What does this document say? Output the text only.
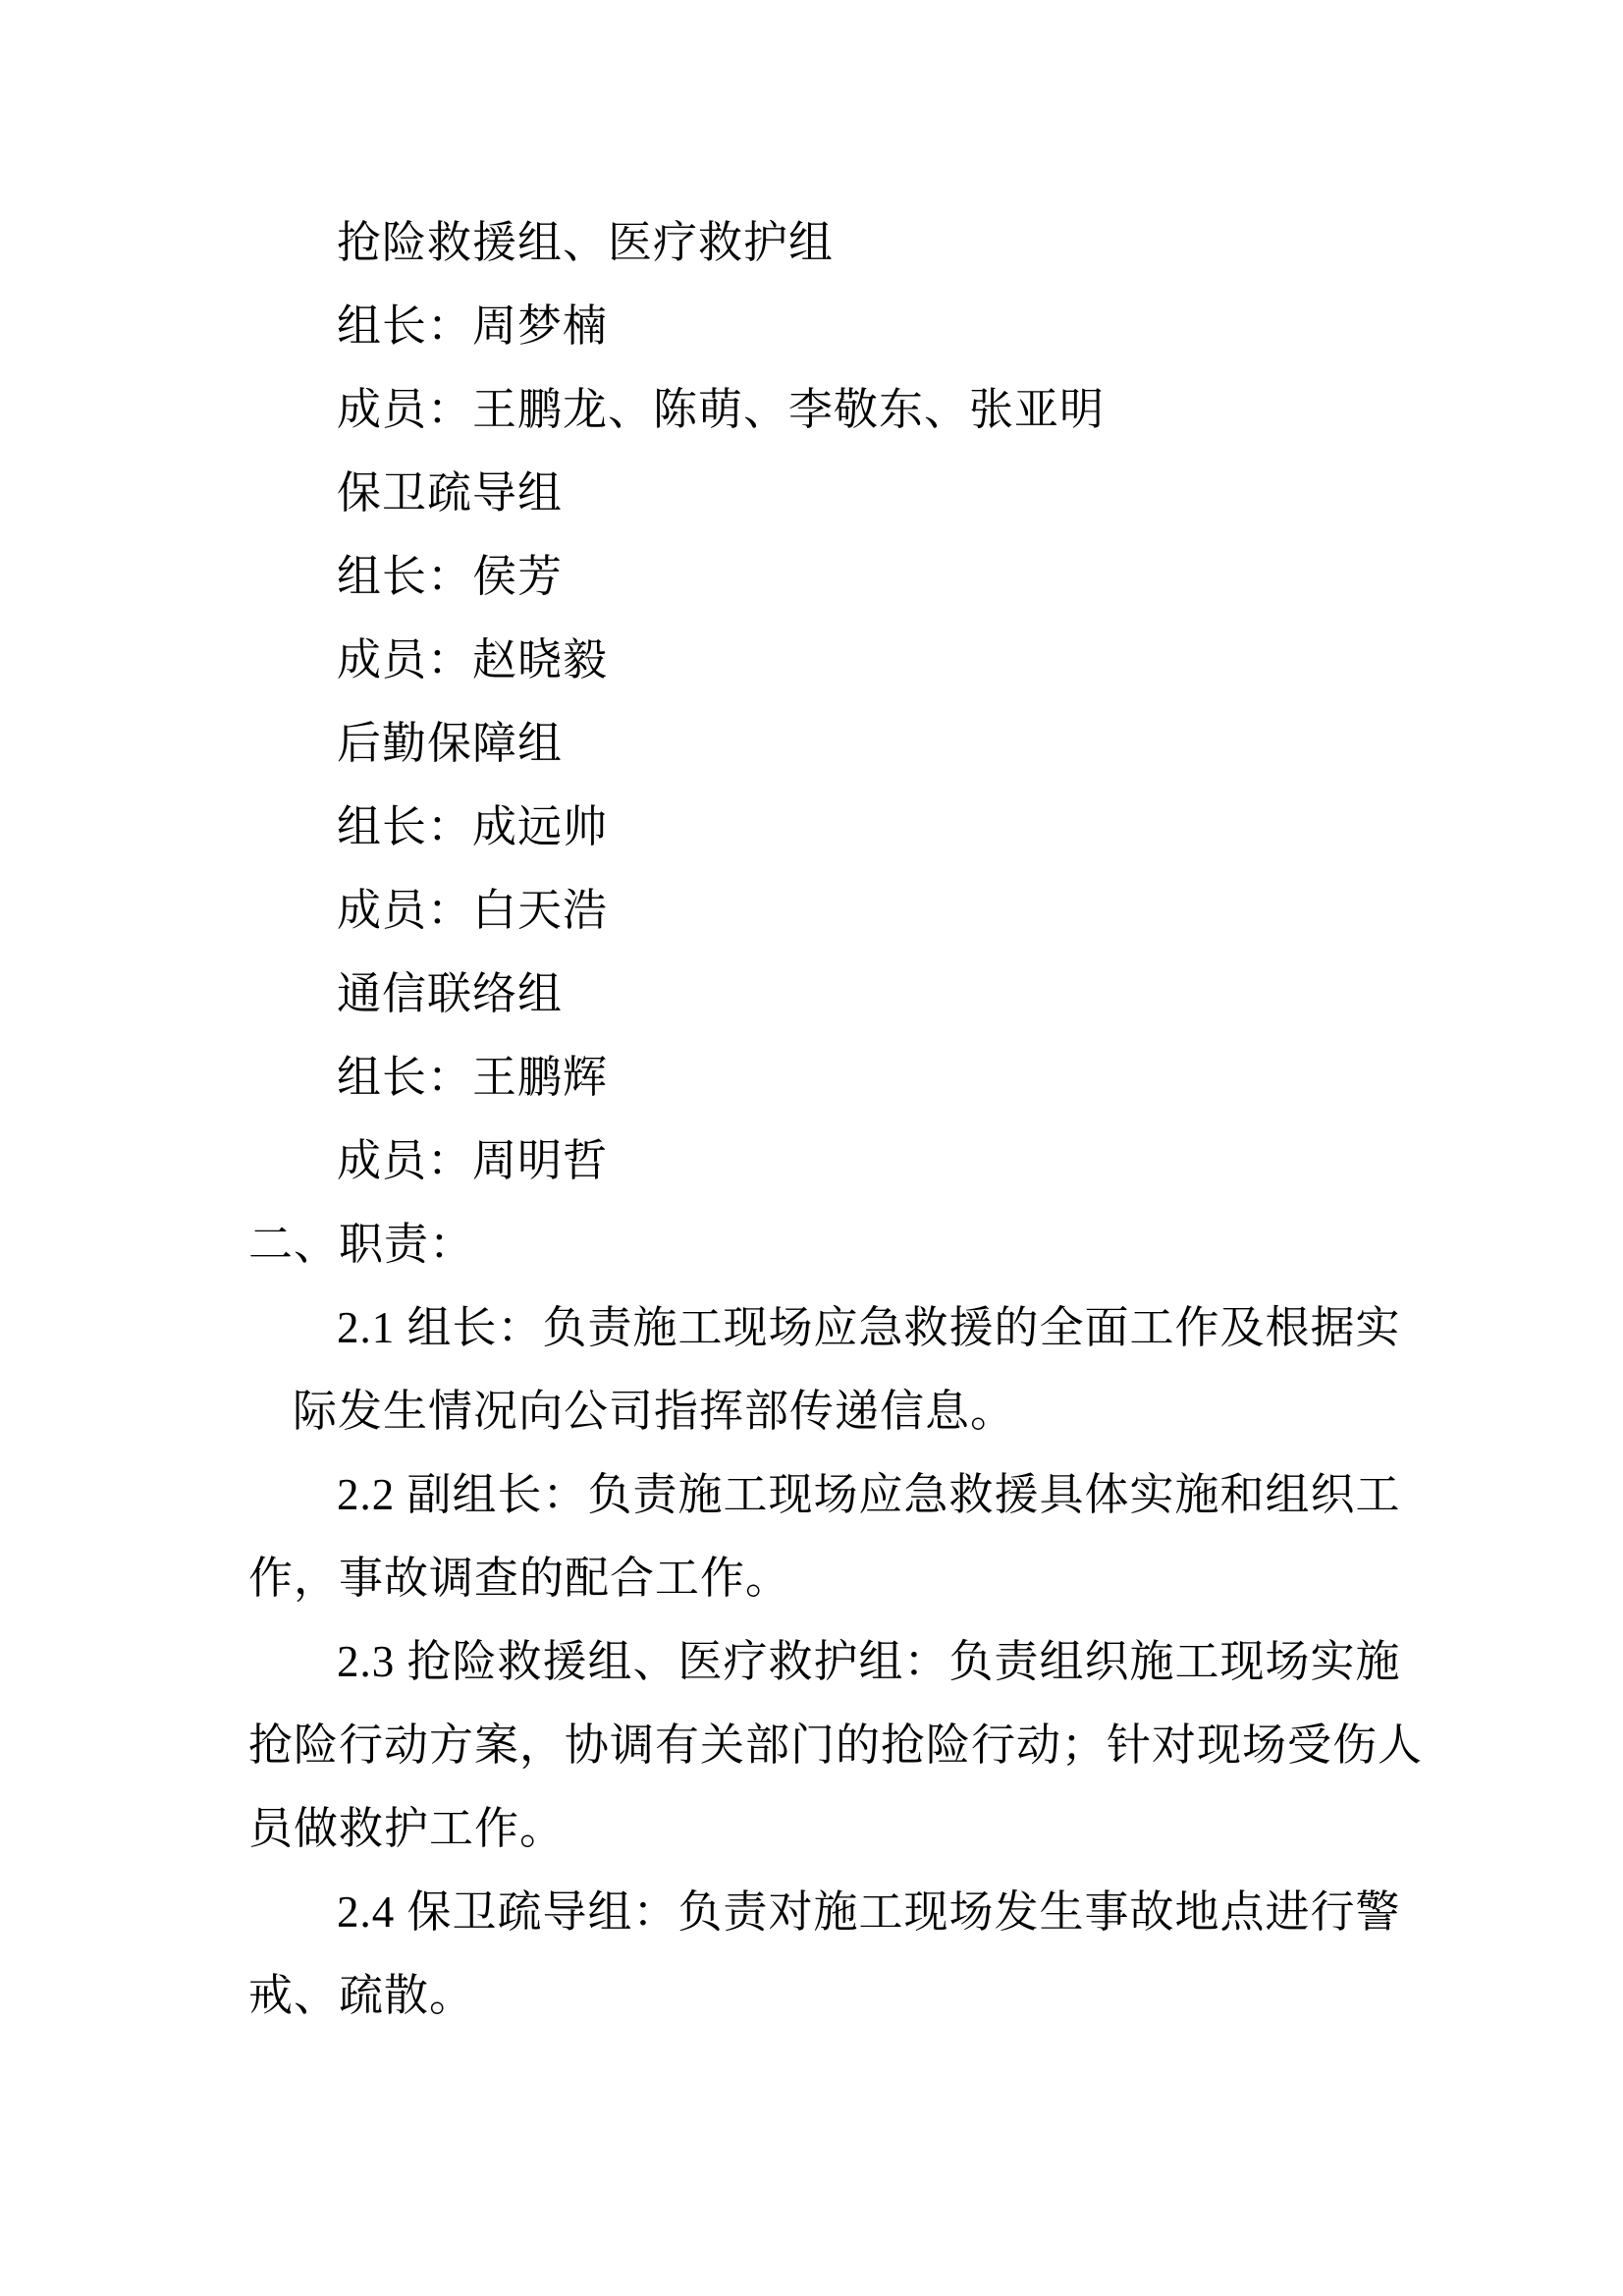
抢险救援组、医疗救护组
组长：周梦楠
成员：王鹏龙、陈萌、李敬东、张亚明
保卫疏导组
组长：侯芳
成员：赵晓毅
后勤保障组
组长：成远帅
成员：白天浩
通信联络组
组长：王鹏辉
成员：周明哲
二、职责：
2.1 组长：负责施工现场应急救援的全面工作及根据实
际发生情况向公司指挥部传递信息。
2.2 副组长：负责施工现场应急救援具体实施和组织工
作，事故调查的配合工作。
2.3 抢险救援组、医疗救护组：负责组织施工现场实施
抢险行动方案，协调有关部门的抢险行动；针对现场受伤人
员做救护工作。
2.4 保卫疏导组：负责对施工现场发生事故地点进行警
戒、疏散。
